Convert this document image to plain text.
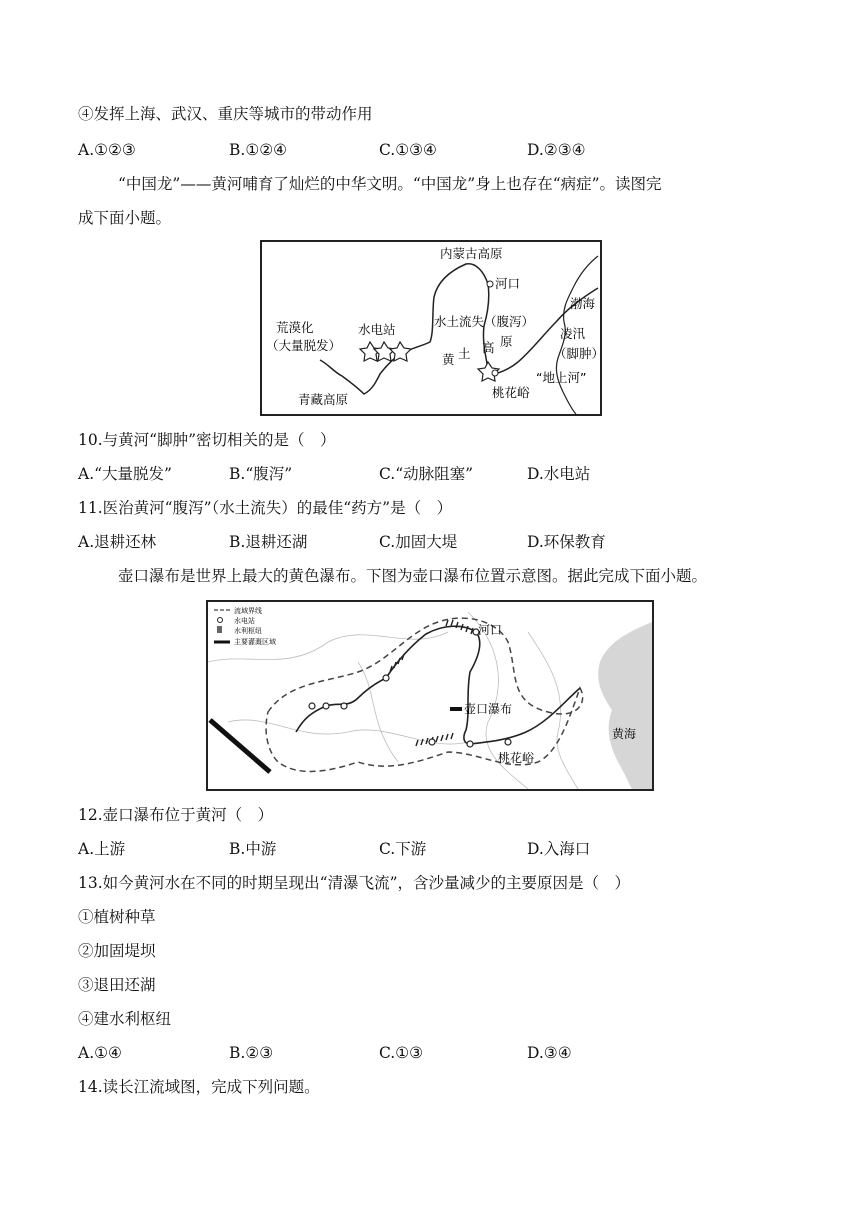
④发挥上海、武汉、重庆等城市的带动作用
A.①②③	B.①②④	C.①③④	D.②③④
“中国龙”——黄河哺育了灿烂的中华文明。“中国龙”身上也存在“病症”。读图完
成下面小题。
内蒙古高原
河口
渤海
荒漠化
（大量脱发）
水电站
水土流失（腹泻）
凌汛
（脚肿）
黄 土 高 原
“地上河”
桃花峪
青藏高原
10.与黄河“脚肿”密切相关的是（　）
A.“大量脱发”	B.“腹泻”	C.“动脉阻塞”	D.水电站
11.医治黄河“腹泻”（水土流失）的最佳“药方”是（　）
A.退耕还林	B.退耕还湖	C.加固大堤	D.环保教育
壶口瀑布是世界上最大的黄色瀑布。下图为壶口瀑布位置示意图。据此完成下面小题。
流域界线
水电站
水利枢纽
主要灌溉区域
河口
壶口瀑布
黄海
桃花峪
12.壶口瀑布位于黄河（　）
A.上游	B.中游	C.下游	D.入海口
13.如今黄河水在不同的时期呈现出“清瀑飞流”，含沙量减少的主要原因是（　）
①植树种草
②加固堤坝
③退田还湖
④建水利枢纽
A.①④	B.②③	C.①③	D.③④
14.读长江流域图，完成下列问题。
